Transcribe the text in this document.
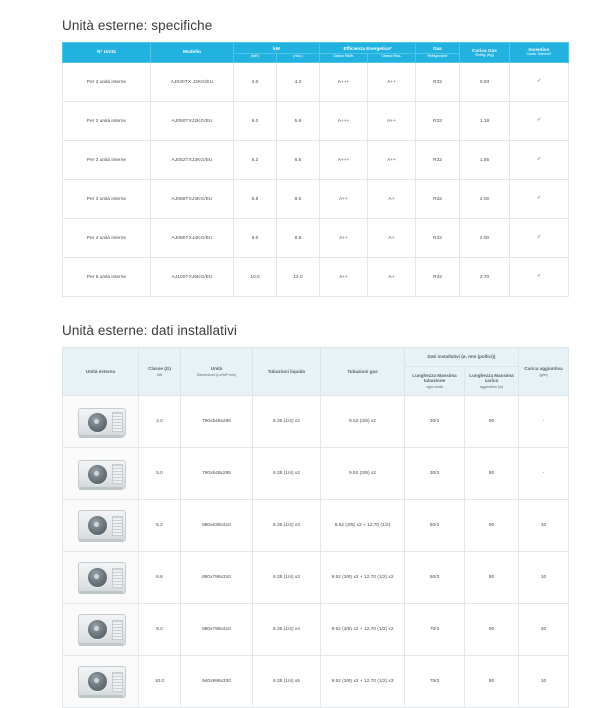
Unità esterne: specifiche
N° Unità	Modello	kW		Efficienza Energetica*		Gas	Carica Gas
Refrig. (Kg)	Incentivo
Conto Termico*

		(raff.)	(risc.)	Classe Raffr.	Classe Risc.	Refrigerante		
Per 2 unità interne	AJ040TX J2KG/EU	4.0	4.2	A+++	A++	R32	0.93	✓
Per 2 unità interne	AJ050TXJ2KG/EU	5.0	5.6	A+++	A++	R32	1.18	✓
Per 3 unità interne	AJ052TXJ3KG/EU	5.2	6.5	A+++	A++	R32	1.55	✓
Per 3 unità interne	AJ068TXJ3KG/EU	6.8	8.0	A++	A+	R32	2.00	✓
Per 4 unità interne	AJ080TXJ4KG/EU	8.0	9.5	A++	A+	R32	2.00	✓
Per 5 unità interne	AJ100TXJ5KG/EU	10.0	12.0	A++	A+	R32	2.70	✓
Unità esterne: dati installativi
Unità esterna	Classe (G)
kW	Unità
Dimensioni (LxHxP mm)	Tubazioni liquido	Tubazioni gas	Dati installativi (ø, mm (pollici))		Carica aggiuntiva
(g/m)

					Lunghezza Massima tubazione
ogni unità	Lunghezza Massima carico
aggiuntivo (m)	

	4.0	790x548x285	6.35 (1/4) x2	9.52 (3/8) x2	30/3	50	-

	5.0	790x548x285	6.35 (1/4) x2	9.52 (3/8) x2	30/3	50	-

	5.2	880x638x310	6.35 (1/4) x3	9.52 (3/8) x2 + 12.70 (1/2)	50/3	50	10

	6.8	880x798x310	6.35 (1/4) x3	9.52 (3/8) x2 + 12.70 (1/2) x2	50/3	50	10

	8.0	880x798x310	6.35 (1/4) x4	9.52 (3/8) x2 + 12.70 (1/2) x2	70/3	50	20

	10.0	940x998x330	6.35 (1/4) x5	9.52 (3/8) x2 + 12.70 (1/2) x3	75/3	50	10
